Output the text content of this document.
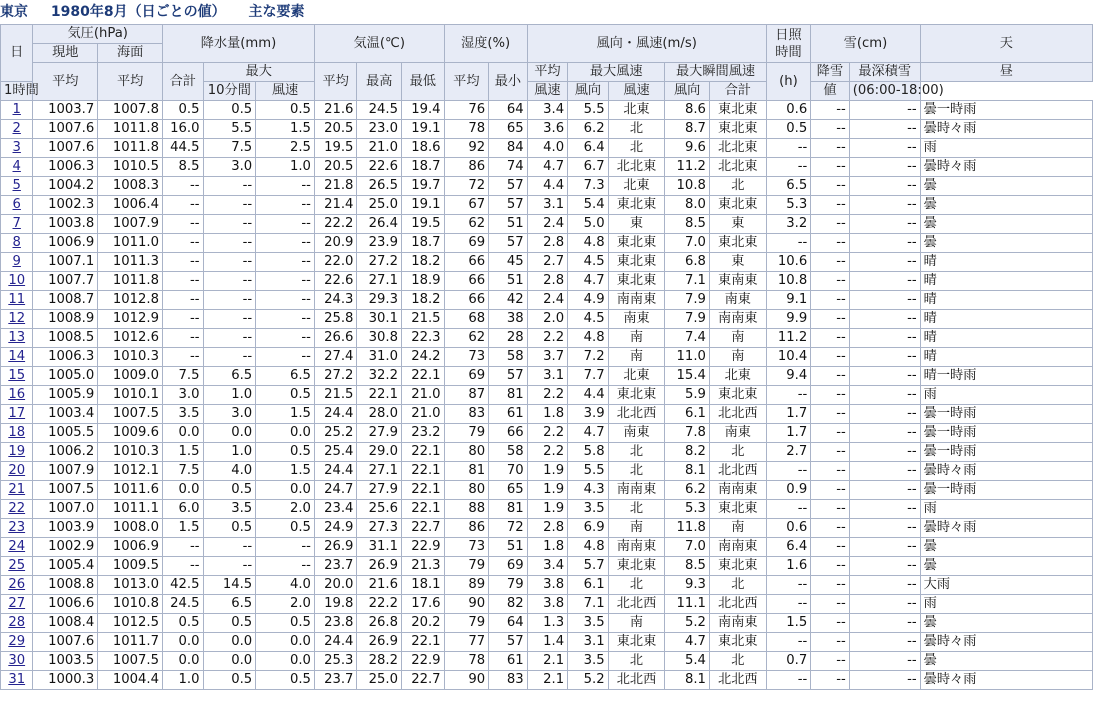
東京 1980年8月（日ごとの値） 主な要素
日	気圧(hPa)		降水量(mm)			気温(℃)			湿度(%)		風向・風速(m/s)					日照
時間	雪(cm)		天
	現地	海面																	
	平均	平均	合計	最大		平均	最高	最低	平均	最小	平均	最大風速		最大瞬間風速		(h)	降雪	最深積雪	昼
1時間				10分間	風速						風速	風向	風速	風向	合計		値	(06:00-18:00)	
1	1003.7	1007.8	0.5	0.5	0.5	21.6	24.5	19.4	76	64	3.4	5.5	北東	8.6	東北東	0.6	--	--	曇一時雨
2	1007.6	1011.8	16.0	5.5	1.5	20.5	23.0	19.1	78	65	3.6	6.2	北	8.7	東北東	0.5	--	--	曇時々雨
3	1007.6	1011.8	44.5	7.5	2.5	19.5	21.0	18.6	92	84	4.0	6.4	北	9.6	北北東	--	--	--	雨
4	1006.3	1010.5	8.5	3.0	1.0	20.5	22.6	18.7	86	74	4.7	6.7	北北東	11.2	北北東	--	--	--	曇時々雨
5	1004.2	1008.3	--	--	--	21.8	26.5	19.7	72	57	4.4	7.3	北東	10.8	北	6.5	--	--	曇
6	1002.3	1006.4	--	--	--	21.4	25.0	19.1	67	57	3.1	5.4	東北東	8.0	東北東	5.3	--	--	曇
7	1003.8	1007.9	--	--	--	22.2	26.4	19.5	62	51	2.4	5.0	東	8.5	東	3.2	--	--	曇
8	1006.9	1011.0	--	--	--	20.9	23.9	18.7	69	57	2.8	4.8	東北東	7.0	東北東	--	--	--	曇
9	1007.1	1011.3	--	--	--	22.0	27.2	18.2	66	45	2.7	4.5	東北東	6.8	東	10.6	--	--	晴
10	1007.7	1011.8	--	--	--	22.6	27.1	18.9	66	51	2.8	4.7	東北東	7.1	東南東	10.8	--	--	晴
11	1008.7	1012.8	--	--	--	24.3	29.3	18.2	66	42	2.4	4.9	南南東	7.9	南東	9.1	--	--	晴
12	1008.9	1012.9	--	--	--	25.8	30.1	21.5	68	38	2.0	4.5	南東	7.9	南南東	9.9	--	--	晴
13	1008.5	1012.6	--	--	--	26.6	30.8	22.3	62	28	2.2	4.8	南	7.4	南	11.2	--	--	晴
14	1006.3	1010.3	--	--	--	27.4	31.0	24.2	73	58	3.7	7.2	南	11.0	南	10.4	--	--	晴
15	1005.0	1009.0	7.5	6.5	6.5	27.2	32.2	22.1	69	57	3.1	7.7	北東	15.4	北東	9.4	--	--	晴一時雨
16	1005.9	1010.1	3.0	1.0	0.5	21.5	22.1	21.0	87	81	2.2	4.4	東北東	5.9	東北東	--	--	--	雨
17	1003.4	1007.5	3.5	3.0	1.5	24.4	28.0	21.0	83	61	1.8	3.9	北北西	6.1	北北西	1.7	--	--	曇一時雨
18	1005.5	1009.6	0.0	0.0	0.0	25.2	27.9	23.2	79	66	2.2	4.7	南東	7.8	南東	1.7	--	--	曇一時雨
19	1006.2	1010.3	1.5	1.0	0.5	25.4	29.0	22.1	80	58	2.2	5.8	北	8.2	北	2.7	--	--	曇一時雨
20	1007.9	1012.1	7.5	4.0	1.5	24.4	27.1	22.1	81	70	1.9	5.5	北	8.1	北北西	--	--	--	曇時々雨
21	1007.5	1011.6	0.0	0.5	0.0	24.7	27.9	22.1	80	65	1.9	4.3	南南東	6.2	南南東	0.9	--	--	曇一時雨
22	1007.0	1011.1	6.0	3.5	2.0	23.4	25.6	22.1	88	81	1.9	3.5	北	5.3	東北東	--	--	--	雨
23	1003.9	1008.0	1.5	0.5	0.5	24.9	27.3	22.7	86	72	2.8	6.9	南	11.8	南	0.6	--	--	曇時々雨
24	1002.9	1006.9	--	--	--	26.9	31.1	22.9	73	51	1.8	4.8	南南東	7.0	南南東	6.4	--	--	曇
25	1005.4	1009.5	--	--	--	23.7	26.9	21.3	79	69	3.4	5.7	東北東	8.5	東北東	1.6	--	--	曇
26	1008.8	1013.0	42.5	14.5	4.0	20.0	21.6	18.1	89	79	3.8	6.1	北	9.3	北	--	--	--	大雨
27	1006.6	1010.8	24.5	6.5	2.0	19.8	22.2	17.6	90	82	3.8	7.1	北北西	11.1	北北西	--	--	--	雨
28	1008.4	1012.5	0.5	0.5	0.5	23.8	26.8	20.2	79	64	1.3	3.5	南	5.2	南南東	1.5	--	--	曇
29	1007.6	1011.7	0.0	0.0	0.0	24.4	26.9	22.1	77	57	1.4	3.1	東北東	4.7	東北東	--	--	--	曇時々雨
30	1003.5	1007.5	0.0	0.0	0.0	25.3	28.2	22.9	78	61	2.1	3.5	北	5.4	北	0.7	--	--	曇
31	1000.3	1004.4	1.0	0.5	0.5	23.7	25.0	22.7	90	83	2.1	5.2	北北西	8.1	北北西	--	--	--	曇時々雨
